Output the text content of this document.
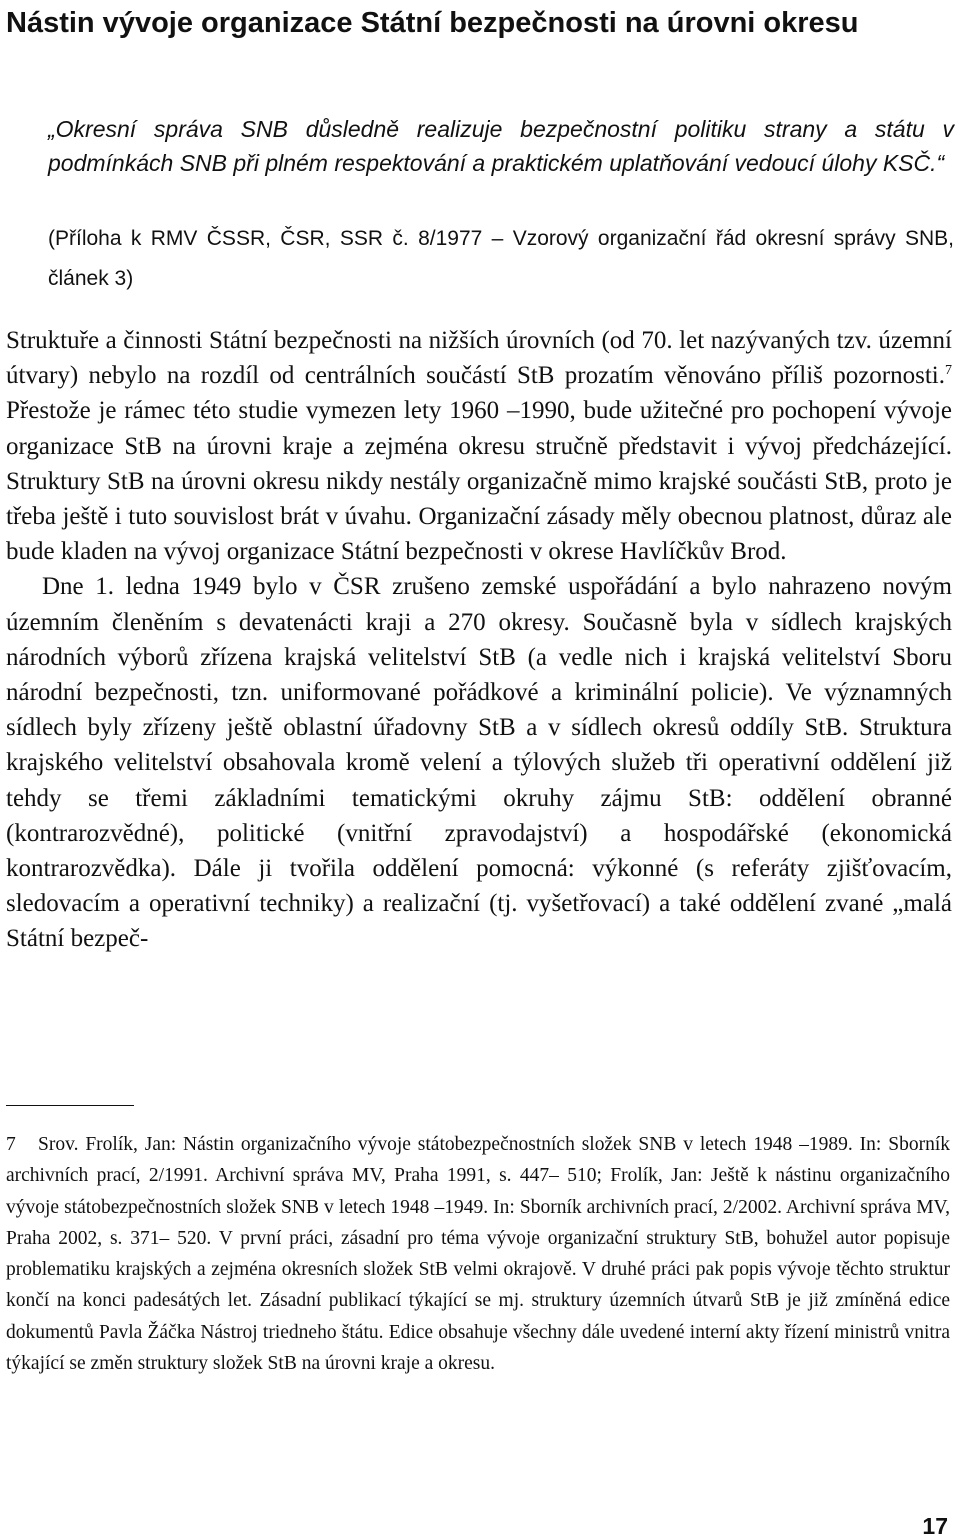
Nástin vývoje organizace Státní bezpečnosti na úrovni okresu

„Okresní správa SNB důsledně realizuje bezpečnostní politiku strany a státu v podmínkách SNB při plném respektování a praktickém uplatňování vedoucí úlohy KSČ.“

(Příloha k RMV ČSSR, ČSR, SSR č. 8/1977 – Vzorový organizační řád okresní správy SNB, článek 3)

Struktuře a činnosti Státní bezpečnosti na nižších úrovních (od 70. let nazývaných tzv. územní útvary) nebylo na rozdíl od centrálních součástí StB prozatím věnováno příliš pozornosti.$^7$ Přestože je rámec této studie vymezen lety 1960 –1990, bude užitečné pro pochopení vývoje organizace StB na úrovni kraje a zejména okresu stručně představit i vývoj předcházející. Struktury StB na úrovni okresu nikdy nestály organizačně mimo krajské součásti StB, proto je třeba ještě i tuto souvislost brát v úvahu. Organizační zásady měly obecnou platnost, důraz ale bude kladen na vývoj organizace Státní bezpečnosti v okrese Havlíčkův Brod.

Dne 1. ledna 1949 bylo v ČSR zrušeno zemské uspořádání a bylo nahrazeno novým územním členěním s devatenácti kraji a 270 okresy. Současně byla v sídlech krajských národních výborů zřízena krajská velitelství StB (a vedle nich i krajská velitelství Sboru národní bezpečnosti, tzn. uniformované pořádkové a kriminální policie). Ve významných sídlech byly zřízeny ještě oblastní úřadovny StB a v sídlech okresů oddíly StB. Struktura krajského velitelství obsahovala kromě velení a týlových služeb tři operativní oddělení již tehdy se třemi základními tematickými okruhy zájmu StB: oddělení obranné (kontrarozvědné), politické (vnitřní zpravodajství) a hospodářské (ekonomická kontrarozvědka). Dále ji tvořila oddělení pomocná: výkonné (s referáty zjišťovacím, sledovacím a operativní techniky) a realizační (tj. vyšetřovací) a také oddělení zvané „malá Státní bezpeč-

7 Srov. Frolík, Jan: Nástin organizačního vývoje státobezpečnostních složek SNB v letech 1948 –1989. In: Sborník archivních prací, 2/1991. Archivní správa MV, Praha 1991, s. 447– 510; Frolík, Jan: Ještě k nástinu organizačního vývoje státobezpečnostních složek SNB v letech 1948 –1949. In: Sborník archivních prací, 2/2002. Archivní správa MV, Praha 2002, s. 371– 520. V první práci, zásadní pro téma vývoje organizační struktury StB, bohužel autor popisuje problematiku krajských a zejména okresních složek StB velmi okrajově. V druhé práci pak popis vývoje těchto struktur končí na konci padesátých let. Zásadní publikací týkající se mj. struktury územních útvarů StB je již zmíněná edice dokumentů Pavla Žáčka Nástroj triedneho štátu. Edice obsahuje všechny dále uvedené interní akty řízení ministrů vnitra týkající se změn struktury složek StB na úrovni kraje a okresu.

17
